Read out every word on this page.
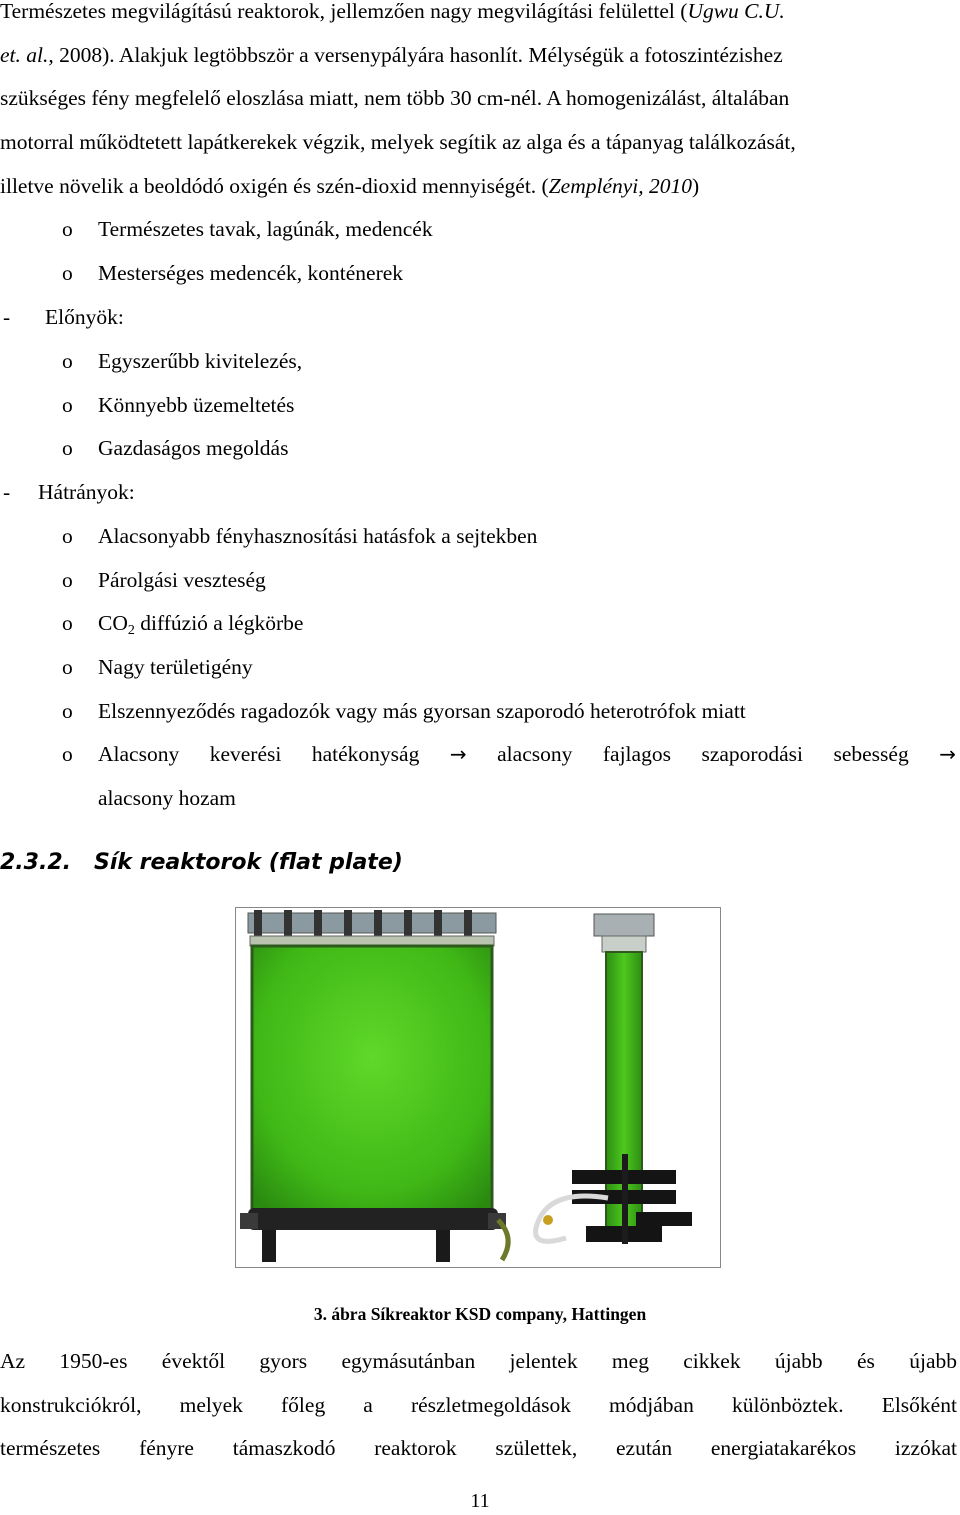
Természetes megvilágítású reaktorok, jellemzően nagy megvilágítási felülettel (Ugwu C.U.
et. al., 2008). Alakjuk legtöbbször a versenypályára hasonlít. Mélységük a fotoszintézishez
szükséges fény megfelelő eloszlása miatt, nem több 30 cm-nél. A homogenizálást, általában
motorral működtetett lapátkerekek végzik, melyek segítik az alga és a tápanyag találkozását,
illetve növelik a beoldódó oxigén és szén-dioxid mennyiségét. (Zemplényi, 2010)
o Természetes tavak, lagúnák, medencék
o Mesterséges medencék, konténerek
- Előnyök:
o Egyszerűbb kivitelezés,
o Könnyebb üzemeltetés
o Gazdaságos megoldás
- Hátrányok:
o Alacsonyabb fényhasznosítási hatásfok a sejtekben
o Párolgási veszteség
o $CO_2$ diffúzió a légkörbe
o Nagy területigény
o Elszennyeződés ragadozók vagy más gyorsan szaporodó heterotrófok miatt
o Alacsony keverési hatékonyság → alacsony fajlagos szaporodási sebesség →
alacsony hozam
2.3.2.   Sík reaktorok (flat plate)
3. ábra Síkreaktor KSD company, Hattingen
Az 1950-es évektől gyors egymásutánban jelentek meg cikkek újabb és újabb
konstrukciókról, melyek főleg a részletmegoldások módjában különböztek. Elsőként
természetes fényre támaszkodó reaktorok születtek, ezután energiatakarékos izzókat
11
